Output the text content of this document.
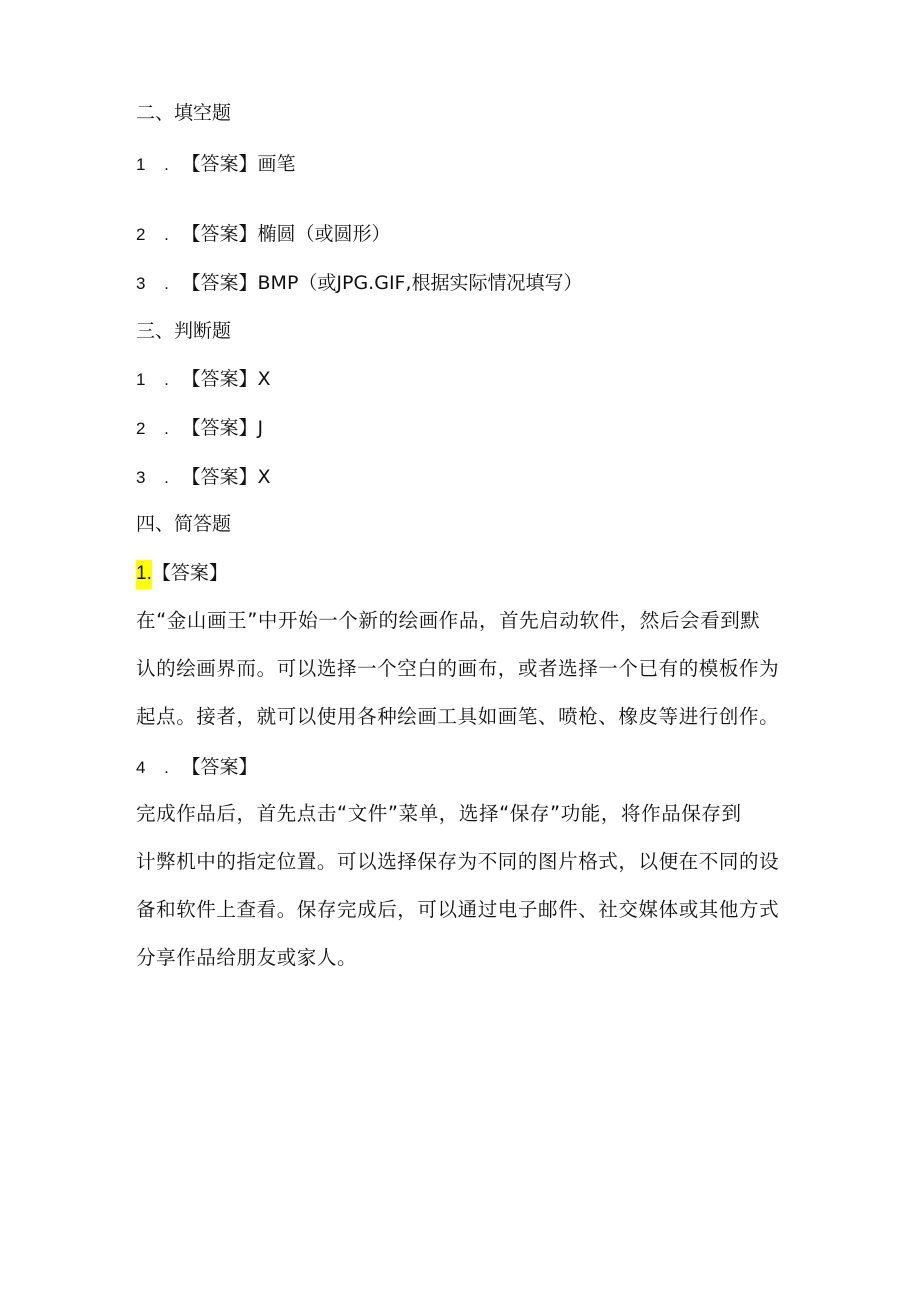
二、填空题
1 . 【答案】画笔
2 . 【答案】椭圆（或圆形）
3 . 【答案】BMP（或JPG.GIF,根据实际情况填写）
三、判断题
1 . 【答案】X
2 . 【答案】J
3 . 【答案】X
四、简答题
1.【答案】
在“金山画王”中开始一个新的绘画作品，首先启动软件，然后会看到默
认的绘画界而。可以选择一个空白的画布，或者选择一个已有的模板作为
起点。接者，就可以使用各种绘画工具如画笔、喷枪、橡皮等进行创作。
4 . 【答案】
完成作品后，首先点击“文件”菜单，选择“保存”功能，将作品保存到
计弊机中的指定位置。可以选择保存为不同的图片格式，以便在不同的设
备和软件上查看。保存完成后，可以通过电子邮件、社交媒体或其他方式
分享作品给朋友或家人。
